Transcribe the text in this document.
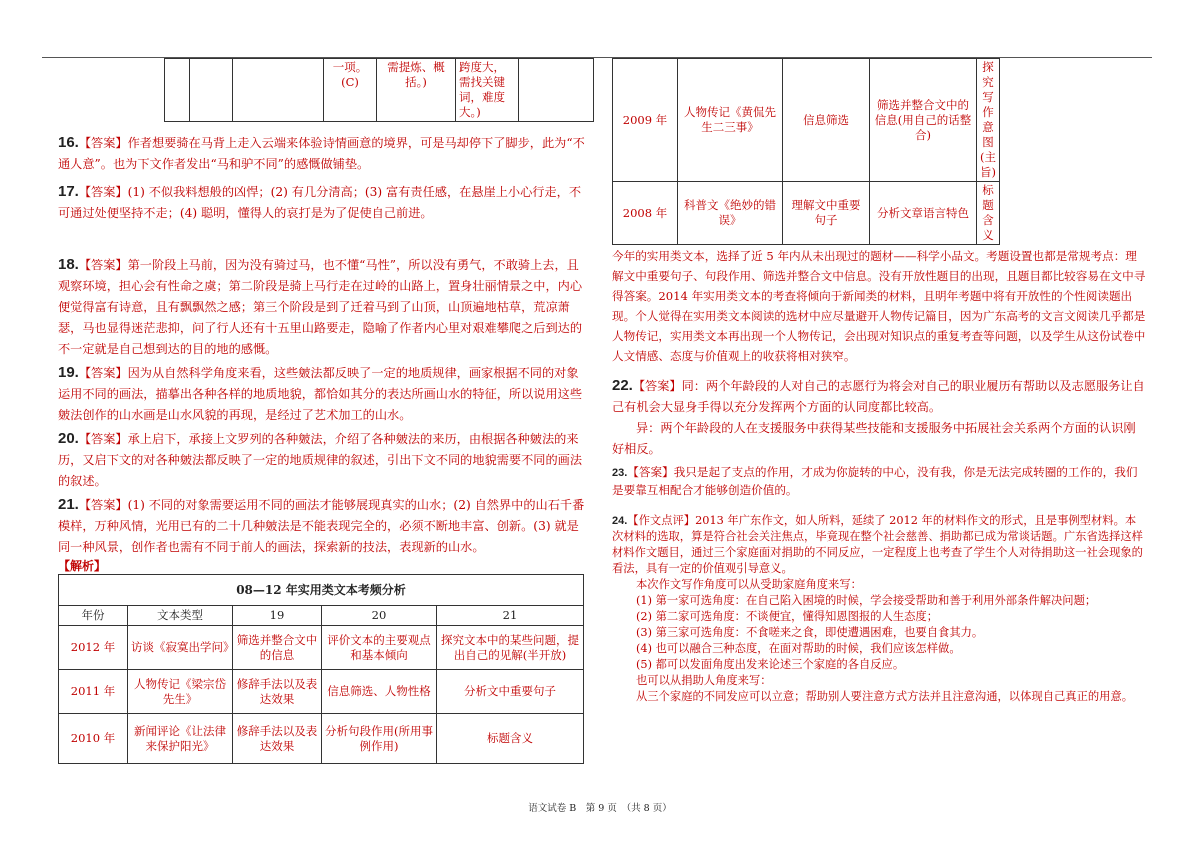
			一项。(C)	需提炼、概括。)	跨度大，需找关键词，难度大。)	

16.【答案】作者想要骑在马背上走入云端来体验诗情画意的境界，可是马却停下了脚步，此为“不通人意”。也为下文作者发出“马和驴不同”的感慨做铺垫。

17.【答案】(1) 不似我料想般的凶悍；(2) 有几分清高；(3) 富有责任感，在悬崖上小心行走，不可通过处便坚持不走；(4) 聪明，懂得人的哀打是为了促使自己前进。

18.【答案】第一阶段上马前，因为没有骑过马，也不懂“马性”，所以没有勇气，不敢骑上去，且观察环境，担心会有性命之虞；第二阶段是骑上马行走在过岭的山路上，置身壮丽情景之中，内心便觉得富有诗意，且有飘飘然之感；第三个阶段是到了迁着马到了山顶，山顶遍地枯草，荒凉萧瑟，马也显得迷茫悲抑，问了行人还有十五里山路要走，隐喻了作者内心里对艰难攀爬之后到达的不一定就是自己想到达的目的地的感慨。

19.【答案】因为从自然科学角度来看，这些皴法都反映了一定的地质规律，画家根据不同的对象运用不同的画法，描摹出各种各样的地质地貌，都恰如其分的表达所画山水的特征，所以说用这些皴法创作的山水画是山水风貌的再现，是经过了艺术加工的山水。

20.【答案】承上启下，承接上文罗列的各种皴法，介绍了各种皴法的来历，由根据各种皴法的来历，又启下文的对各种皴法都反映了一定的地质规律的叙述，引出下文不同的地貌需要不同的画法的叙述。

21.【答案】(1) 不同的对象需要运用不同的画法才能够展现真实的山水；(2) 自然界中的山石千番模样，万种风情，光用已有的二十几种皴法是不能表现完全的，必须不断地丰富、创新。(3) 就是同一种风景，创作者也需有不同于前人的画法，探索新的技法，表现新的山水。

【解析】
08—12 年实用类文本考频分析				
年份	文本类型	19	20	21
2012 年	访谈《寂寞出学问》	筛选并整合文中的信息	评价文本的主要观点和基本倾向	探究文本中的某些问题，提出自己的见解(半开放)
2011 年	人物传记《梁宗岱先生》	修辞手法以及表达效果	信息筛选、人物性格	分析文中重要句子
2010 年	新闻评论《让法律来保护阳光》	修辞手法以及表达效果	分析句段作用(所用事例作用)	标题含义
2009 年	人物传记《黄侃先生二三事》	信息筛选	筛选并整合文中的信息(用自己的话整合)	探究写作意图(主旨)
2008 年	科普文《绝妙的错误》	理解文中重要句子	分析文章语言特色	标题含义

今年的实用类文本，选择了近 5 年内从未出现过的题材——科学小品文。考题设置也都是常规考点：理解文中重要句子、句段作用、筛选并整合文中信息。没有开放性题目的出现，且题目都比较容易在文中寻得答案。2014 年实用类文本的考查将倾向于新闻类的材料，且明年考题中将有开放性的个性阅读题出现。个人觉得在实用类文本阅读的选材中应尽量避开人物传记篇目，因为广东高考的文言文阅读几乎都是人物传记，实用类文本再出现一个人物传记，会出现对知识点的重复考查等问题，以及学生从这份试卷中人文情感、态度与价值观上的收获将相对狭窄。

22.【答案】同：两个年龄段的人对自己的志愿行为将会对自己的职业履历有帮助以及志愿服务让自己有机会大显身手得以充分发挥两个方面的认同度都比较高。

异：两个年龄段的人在支援服务中获得某些技能和支援服务中拓展社会关系两个方面的认识刚好相反。

23.【答案】我只是起了支点的作用，才成为你旋转的中心，没有我，你是无法完成转圈的工作的，我们是要靠互相配合才能够创造价值的。

24.【作文点评】2013 年广东作文，如人所料，延续了 2012 年的材料作文的形式，且是事例型材料。本次材料的选取，算是符合社会关注焦点，毕竟现在整个社会慈善、捐助都已成为常谈话题。广东省选择这样材料作文题目，通过三个家庭面对捐助的不同反应，一定程度上也考查了学生个人对待捐助这一社会现象的看法，具有一定的价值观引导意义。
本次作文写作角度可以从受助家庭角度来写：
(1) 第一家可选角度：在自己陷入困境的时候，学会接受帮助和善于利用外部条件解决问题；
(2) 第二家可选角度：不谈便宜，懂得知恩图报的人生态度；
(3) 第三家可选角度：不食嗟来之食，即使遭遇困难，也要自食其力。
(4) 也可以融合三种态度，在面对帮助的时候，我们应该怎样做。
(5) 都可以发面角度出发来论述三个家庭的各自反应。
也可以从捐助人角度来写：
从三个家庭的不同发应可以立意；帮助别人要注意方式方法并且注意沟通，以体现自己真正的用意。
语文试卷 B　第 9 页　（共 8 页）
